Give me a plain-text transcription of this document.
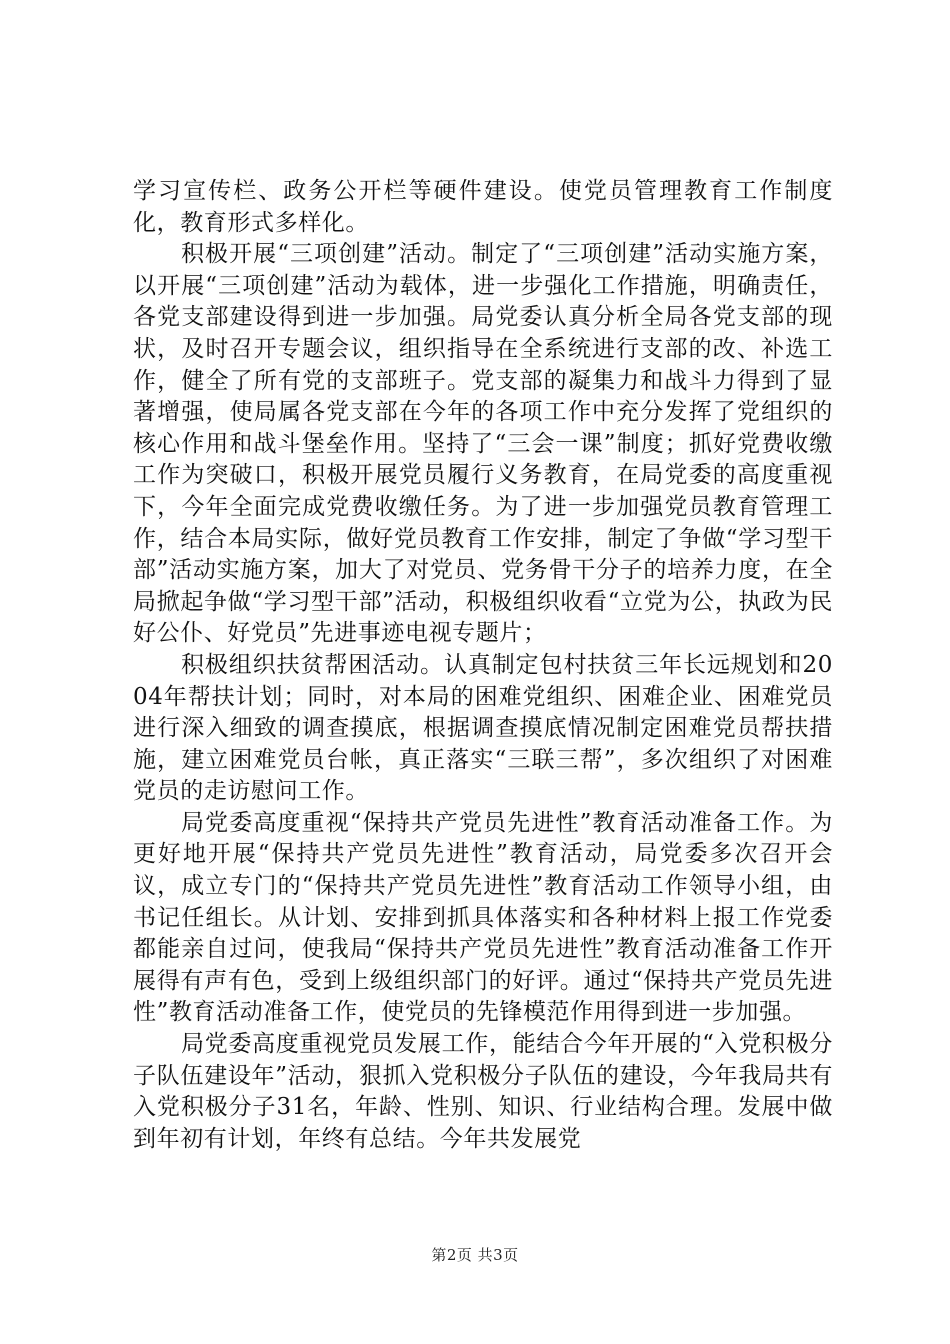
学习宣传栏、政务公开栏等硬件建设。使党员管理教育工作制度化，教育形式多样化。

积极开展“三项创建”活动。制定了“三项创建”活动实施方案，以开展“三项创建”活动为载体，进一步强化工作措施，明确责任，各党支部建设得到进一步加强。局党委认真分析全局各党支部的现状，及时召开专题会议，组织指导在全系统进行支部的改、补选工作，健全了所有党的支部班子。党支部的凝集力和战斗力得到了显著增强，使局属各党支部在今年的各项工作中充分发挥了党组织的核心作用和战斗堡垒作用。坚持了“三会一课”制度；抓好党费收缴工作为突破口，积极开展党员履行义务教育，在局党委的高度重视下，今年全面完成党费收缴任务。为了进一步加强党员教育管理工作，结合本局实际，做好党员教育工作安排，制定了争做“学习型干部”活动实施方案，加大了对党员、党务骨干分子的培养力度，在全局掀起争做“学习型干部”活动，积极组织收看“立党为公，执政为民好公仆、好党员”先进事迹电视专题片；

积极组织扶贫帮困活动。认真制定包村扶贫三年长远规划和2004年帮扶计划；同时，对本局的困难党组织、困难企业、困难党员进行深入细致的调查摸底，根据调查摸底情况制定困难党员帮扶措施，建立困难党员台帐，真正落实“三联三帮”，多次组织了对困难党员的走访慰问工作。

局党委高度重视“保持共产党员先进性”教育活动准备工作。为更好地开展“保持共产党员先进性”教育活动，局党委多次召开会议，成立专门的“保持共产党员先进性”教育活动工作领导小组，由书记任组长。从计划、安排到抓具体落实和各种材料上报工作党委都能亲自过问，使我局“保持共产党员先进性”教育活动准备工作开展得有声有色，受到上级组织部门的好评。通过“保持共产党员先进性”教育活动准备工作，使党员的先锋模范作用得到进一步加强。

局党委高度重视党员发展工作，能结合今年开展的“入党积极分子队伍建设年”活动，狠抓入党积极分子队伍的建设，今年我局共有入党积极分子31名，年龄、性别、知识、行业结构合理。发展中做到年初有计划，年终有总结。今年共发展党

第2页 共3页
